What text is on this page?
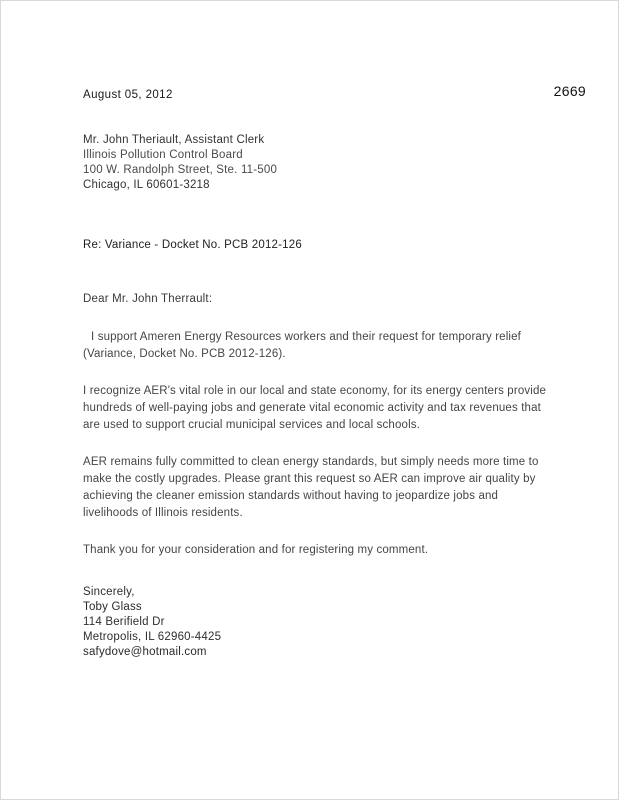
2669
August 05, 2012
Mr. John Theriault, Assistant Clerk
Illinois Pollution Control Board
100 W. Randolph Street, Ste. 11-500
Chicago, IL 60601-3218
Re: Variance - Docket No. PCB 2012-126
Dear Mr. John Therrault:
I support Ameren Energy Resources workers and their request for temporary relief (Variance, Docket No. PCB 2012-126).
I recognize AER's vital role in our local and state economy, for its energy centers provide hundreds of well-paying jobs and generate vital economic activity and tax revenues that are used to support crucial municipal services and local schools.
AER remains fully committed to clean energy standards, but simply needs more time to make the costly upgrades. Please grant this request so AER can improve air quality by achieving the cleaner emission standards without having to jeopardize jobs and livelihoods of Illinois residents.
Thank you for your consideration and for registering my comment.
Sincerely,
Toby Glass
114 Berifield Dr
Metropolis, IL 62960-4425
safydove@hotmail.com
